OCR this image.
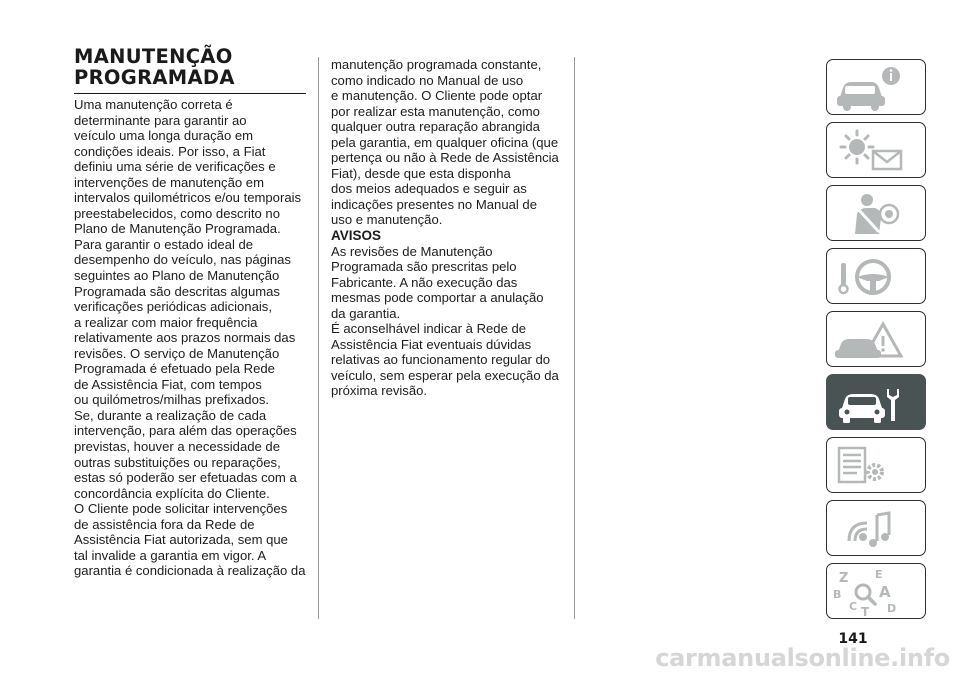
MANUTENÇÃO
PROGRAMADA

Uma manutenção correta é

determinante para garantir ao

veículo uma longa duração em

condições ideais. Por isso, a Fiat

definiu uma série de verificações e

intervenções de manutenção em

intervalos quilométricos e/ou temporais

preestabelecidos, como descrito no

Plano de Manutenção Programada.

Para garantir o estado ideal de

desempenho do veículo, nas páginas

seguintes ao Plano de Manutenção

Programada são descritas algumas

verificações periódicas adicionais,

a realizar com maior frequência

relativamente aos prazos normais das

revisões. O serviço de Manutenção

Programada é efetuado pela Rede

de Assistência Fiat, com tempos

ou quilómetros/milhas prefixados.

Se, durante a realização de cada

intervenção, para além das operações

previstas, houver a necessidade de

outras substituições ou reparações,

estas só poderão ser efetuadas com a

concordância explícita do Cliente.

O Cliente pode solicitar intervenções

de assistência fora da Rede de

Assistência Fiat autorizada, sem que

tal invalide a garantia em vigor. A

garantia é condicionada à realização da

manutenção programada constante,

como indicado no Manual de uso

e manutenção. O Cliente pode optar

por realizar esta manutenção, como

qualquer outra reparação abrangida

pela garantia, em qualquer oficina (que

pertença ou não à Rede de Assistência

Fiat), desde que esta disponha

dos meios adequados e seguir as

indicações presentes no Manual de

uso e manutenção.

AVISOS

As revisões de Manutenção

Programada são prescritas pelo

Fabricante. A não execução das

mesmas pode comportar a anulação

da garantia.

É aconselhável indicar à Rede de

Assistência Fiat eventuais dúvidas

relativas ao funcionamento regular do

veículo, sem esperar pela execução da

próxima revisão.

Z E
B	A
C T D
141
carmanualsonline.info
